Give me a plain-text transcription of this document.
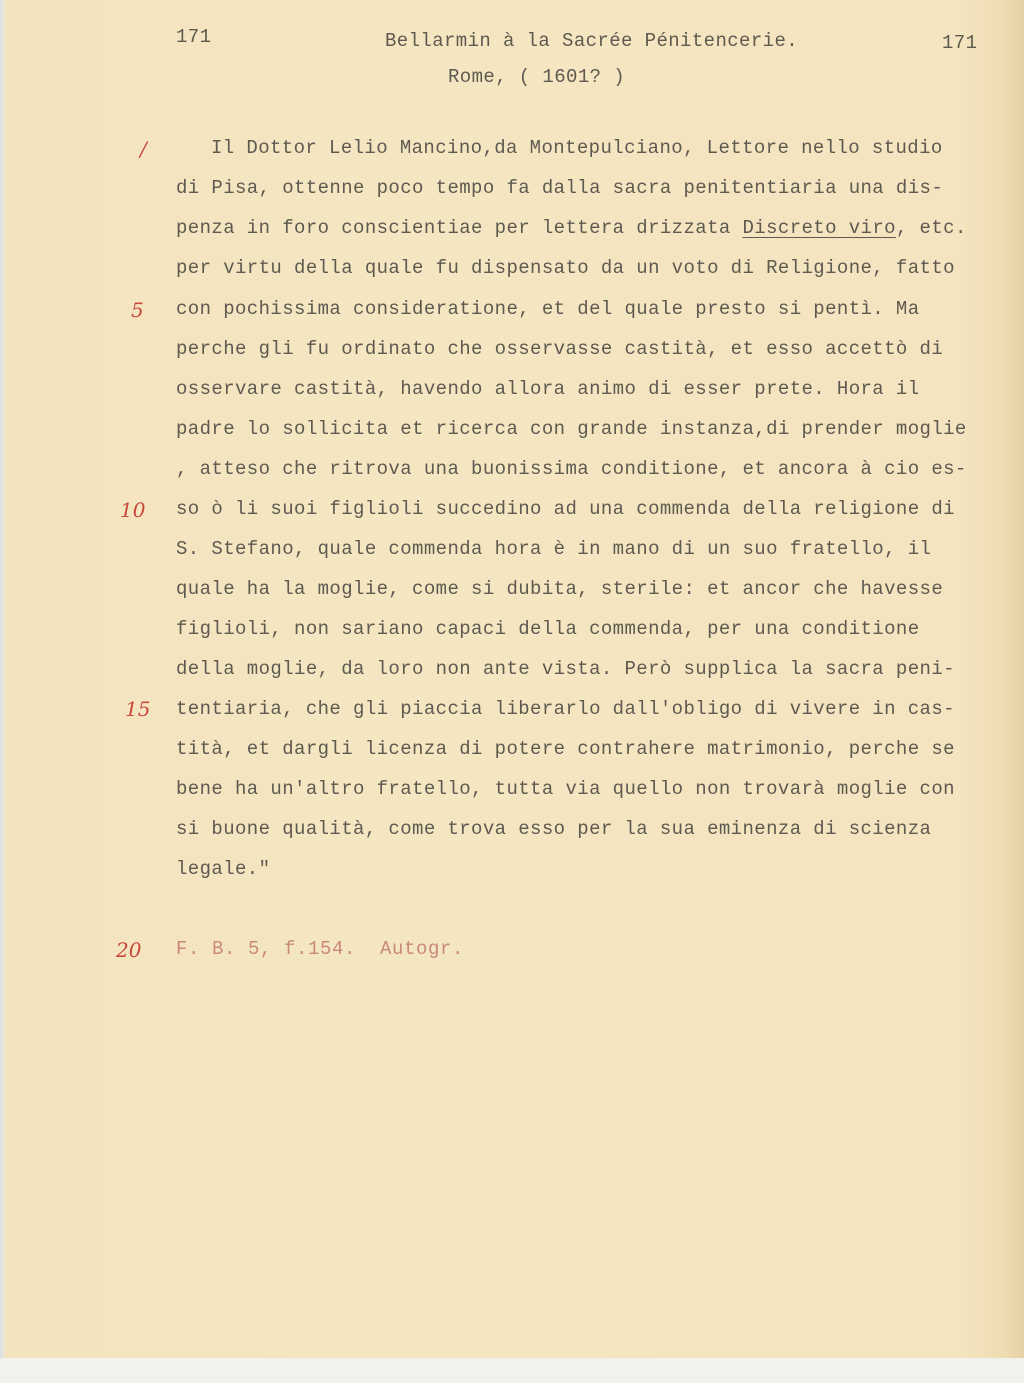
171	Bellarmin à la Sacrée Pénitencerie.	171
Rome, ( 1601? )
/
5
10
15
20
Il Dottor Lelio Mancino,da Montepulciano, Lettore nello studio
di Pisa, ottenne poco tempo fa dalla sacra penitentiaria una dis-
penza in foro conscientiae per lettera drizzata Discreto viro, etc.
per virtu della quale fu dispensato da un voto di Religione, fatto
con pochissima consideratione, et del quale presto si pentì. Ma
perche gli fu ordinato che osservasse castità, et esso accettò di
osservare castità, havendo allora animo di esser prete. Hora il
padre lo sollicita et ricerca con grande instanza,di prender moglie
, atteso che ritrova una buonissima conditione, et ancora à cio es-
so ò li suoi figlioli succedino ad una commenda della religione di
S. Stefano, quale commenda hora è in mano di un suo fratello, il
quale ha la moglie, come si dubita, sterile: et ancor che havesse
figlioli, non sariano capaci della commenda, per una conditione
della moglie, da loro non ante vista. Però supplica la sacra peni-
tentiaria, che gli piaccia liberarlo dall'obligo di vivere in cas-
tità, et dargli licenza di potere contrahere matrimonio, perche se
bene ha un'altro fratello, tutta via quello non trovarà moglie con
si buone qualità, come trova esso per la sua eminenza di scienza
legale."
F. B. 5, f.154.  Autogr.
